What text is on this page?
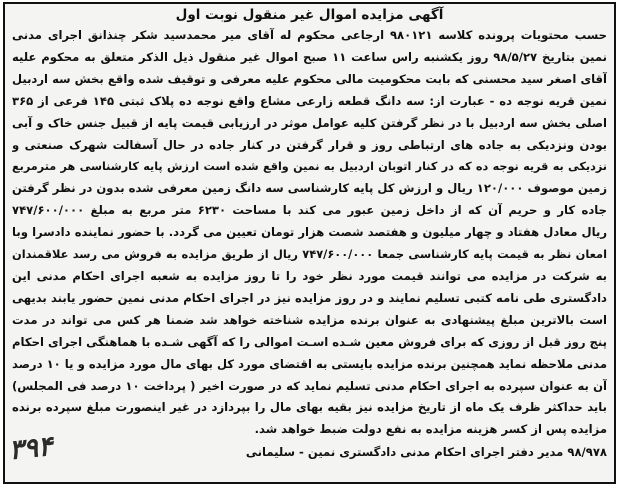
آگهی مزایده اموال غیر منقول نوبت اول
حسب محتویات پرونده کلاسه ۹۸۰۱۲۱ ارجاعی محکوم له آقای میر محمدسید شکر چنذانق اجرای مدنی
نمین بتاریخ ۹۸/۵/۲۷ روز یکشنبه راس ساعت ۱۱ صبح اموال غیر منقول ذیل الذکر متعلق به محکوم علیه
آقای اصغر سید محسنی که بابت محکومیت مالی محکوم علیه معرفی و توقیف شده واقع بخش سه اردبیل
نمین قریه نوجه ده - عبارت از: سه دانگ قطعه زارعی مشاع واقع نوجه ده پلاک ثبتی ۱۴۵ فرعی از ۳۶۵
اصلی بخش سه اردبیل با در نظر گرفتن کلیه عوامل موثر در ارزیابی قیمت پایه از قبیل جنس خاک و آبی
بودن ونزدیکی به جاده های ارتباطی روز و قرار گرفتن در کنار جاده در حال آسفالت شهرک صنعتی و
نزدیکی به قریه نوجه ده که در کنار اتوبان اردبیل به نمین واقع شده است ارزش پایه کارشناسی هر مترمربع
زمین موصوف ۱۲۰/۰۰۰ ریال و ارزش کل پایه کارشناسی سه دانگ زمین معرفی شده بدون در نظر گرفتن
جاده کار و حریم آن که از داخل زمین عبور می کند با مساحت ۶۲۳۰ متر مربع به مبلغ ۷۴۷/۶۰۰/۰۰۰
ریال معادل هفتاد و چهار میلیون و هفتصد شصت هزار تومان تعیین می گردد. با حضور نماینده دادسرا وبا
امعان نظر به قیمت پایه کارشناسی جمعا ۷۴۷/۶۰۰/۰۰۰ ریال از طریق مزایده به فروش می رسد علاقمندان
به شرکت در مزایده می توانند قیمت مورد نظر خود را تا روز مزایده به شعبه اجرای احکام مدنی این
دادگستری طی نامه کتبی تسلیم نمایند و در روز مزایده نیز در اجرای احکام مدنی نمین حضور یابند بدیهی
است بالاترین مبلغ پیشنهادی به عنوان برنده مزایده شناخته خواهد شد ضمنا هر کس می تواند در مدت
پنج روز قبل از روزی که برای فروش معین شـده اسـت اموالی را که آگهی شـده با هماهنگی اجرای احکام
مدنی ملاحظه نماید همچنین برنده مزایده بایستی به اقتضای مورد کل بهای مال مورد مزایده و یا ۱۰ درصد
آن به عنوان سپرده به اجرای احکام مدنی تسلیم نماید که در صورت اخیر ( پرداخت ۱۰ درصد فی المجلس)
باید حداکثر ظرف یک ماه از تاریخ مزایده نیز بقیه بهای مال را بپردازد در غیر اینصورت مبلغ سپرده برنده
مزایده پس از کسر هزینه مزایده به نفع دولت ضبط خواهد شد.
۹۸/۹۷۸ مدیر دفتر اجرای احکام مدنی دادگستری نمین - سلیمانی
۳۹۴
